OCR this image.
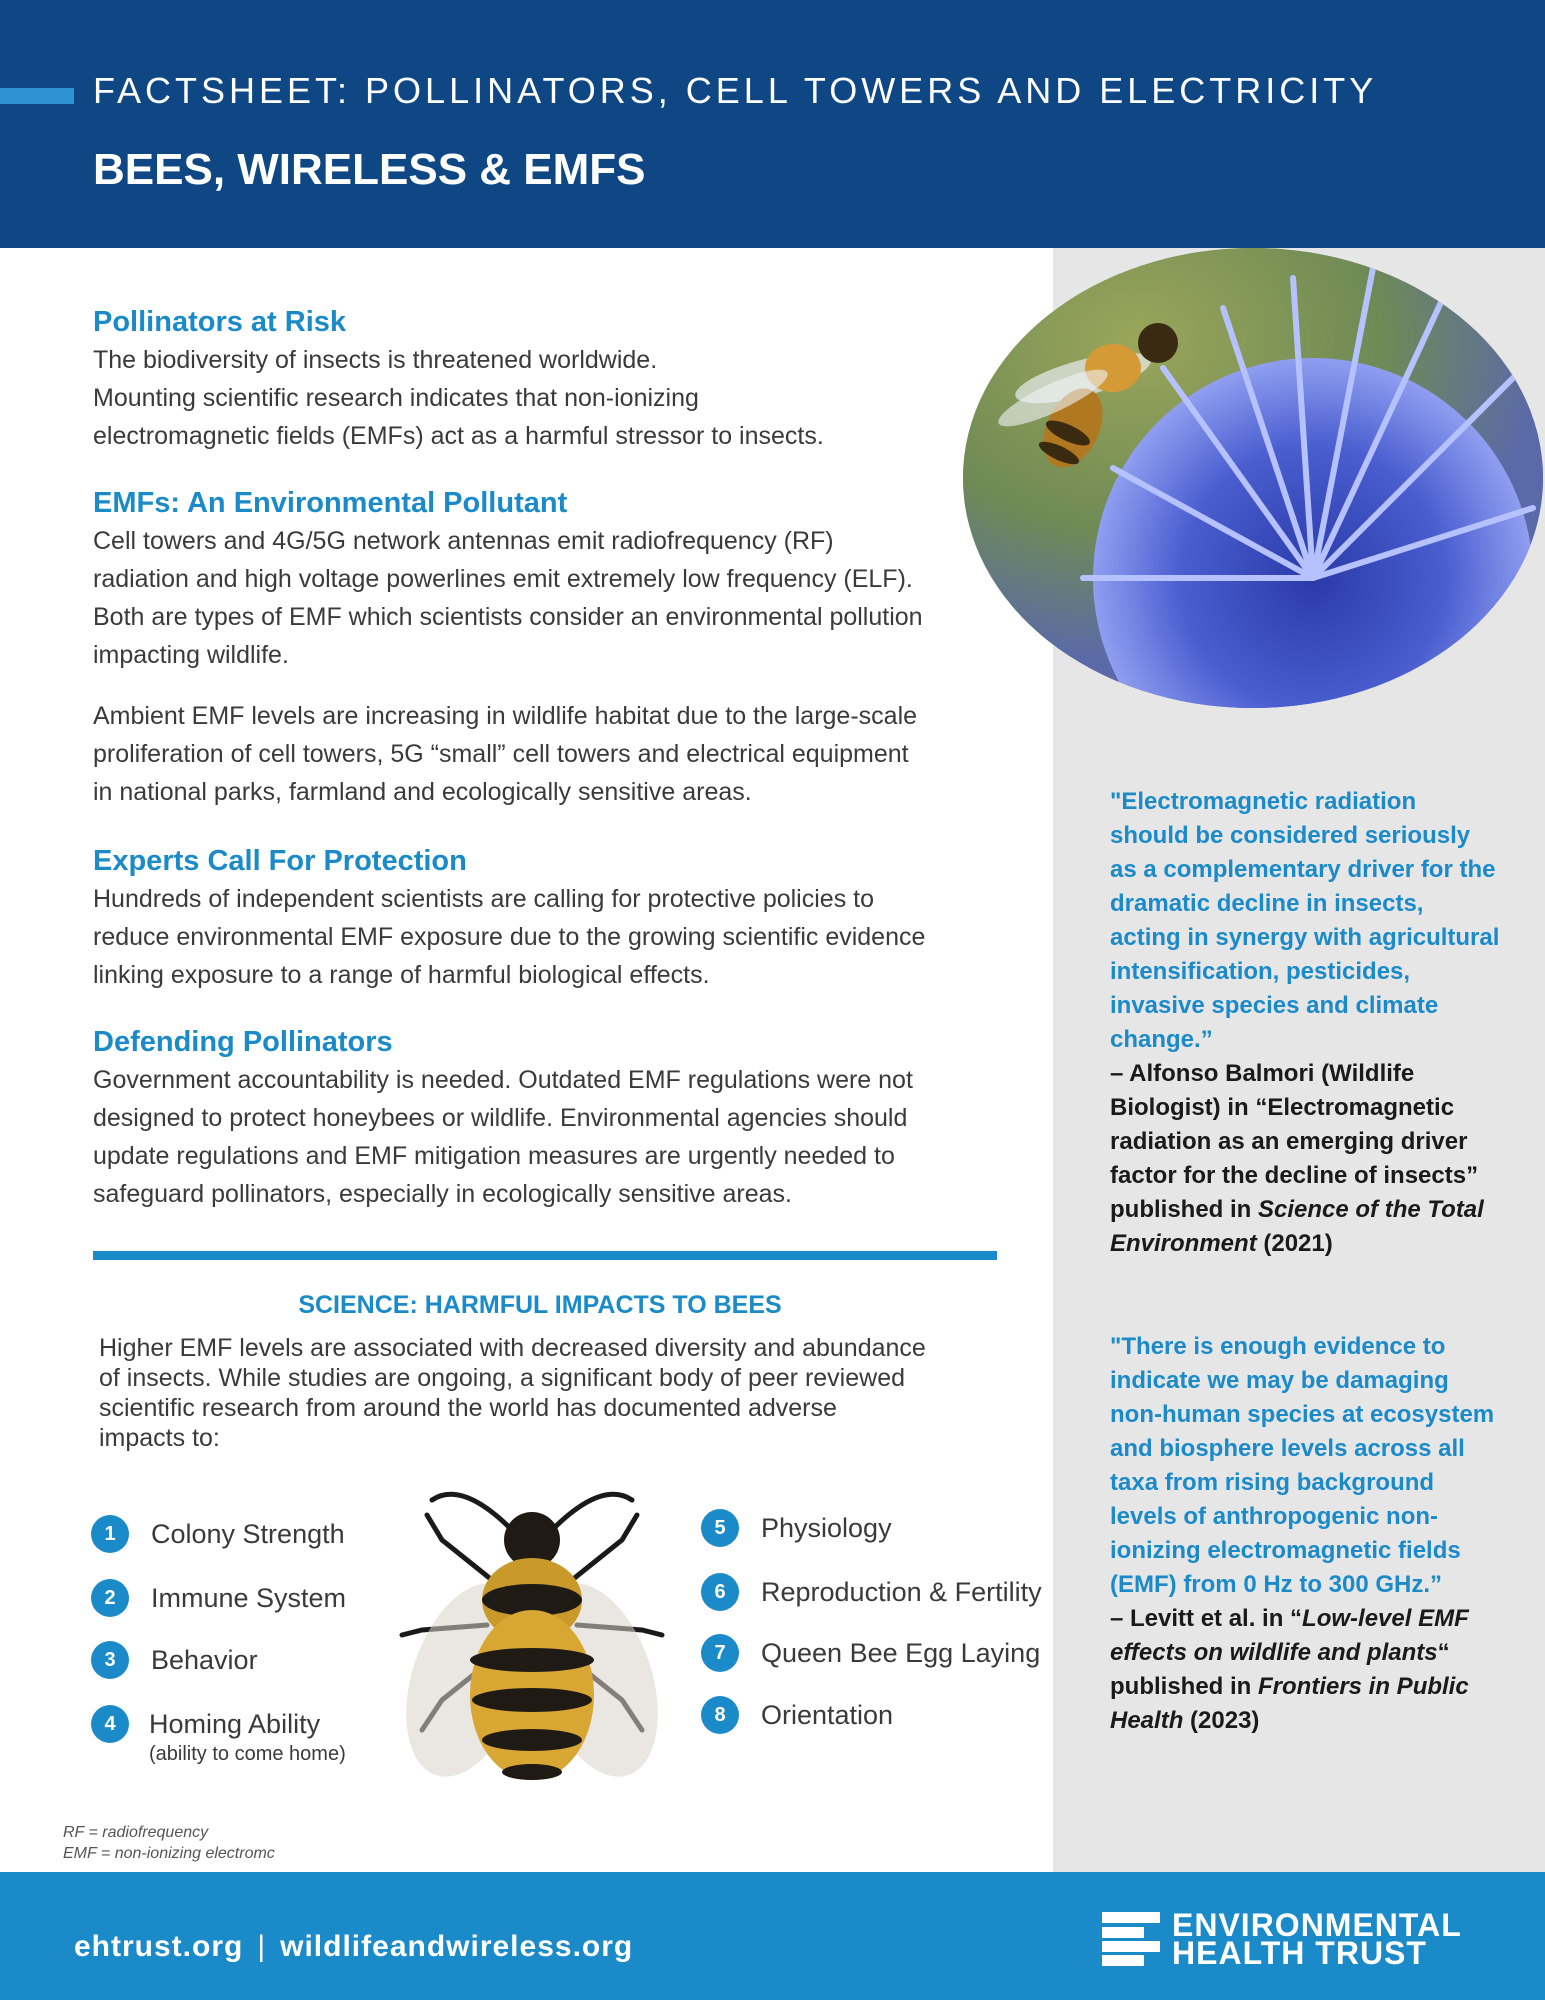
FACTSHEET: POLLINATORS, CELL TOWERS AND ELECTRICITY
BEES, WIRELESS & EMFS
Pollinators at Risk

The biodiversity of insects is threatened worldwide.

Mounting scientific research indicates that non-ionizing

electromagnetic fields (EMFs) act as a harmful stressor to insects.

EMFs: An Environmental Pollutant

Cell towers and 4G/5G network antennas emit radiofrequency (RF)

radiation and high voltage powerlines emit extremely low frequency (ELF).

Both are types of EMF which scientists consider an environmental pollution

impacting wildlife.

Ambient EMF levels are increasing in wildlife habitat due to the large-scale

proliferation of cell towers, 5G “small” cell towers and electrical equipment

in national parks, farmland and ecologically sensitive areas.

Experts Call For Protection

Hundreds of independent scientists are calling for protective policies to

reduce environmental EMF exposure due to the growing scientific evidence

linking exposure to a range of harmful biological effects.

Defending Pollinators

Government accountability is needed. Outdated EMF regulations were not

designed to protect honeybees or wildlife. Environmental agencies should

update regulations and EMF mitigation measures are urgently needed to

safeguard pollinators, especially in ecologically sensitive areas.

SCIENCE: HARMFUL IMPACTS TO BEES
Higher EMF levels are associated with decreased diversity and abundance
of insects. While studies are ongoing, a significant body of peer reviewed
scientific research from around the world has documented adverse
impacts to:
1	Colony Strength
2	Immune System
3	Behavior
4	Homing Ability
(ability to come home)
5	Physiology
6	Reproduction & Fertility
7	Queen Bee Egg Laying
8	Orientation
"Electromagnetic radiation should be considered seriously as a complementary driver for the dramatic decline in insects, acting in synergy with agricultural intensification, pesticides, invasive species and climate change.”
– Alfonso Balmori (Wildlife Biologist) in “Electromagnetic radiation as an emerging driver factor for the decline of insects” published in Science of the Total Environment (2021)
"There is enough evidence to indicate we may be damaging non-human species at ecosystem and biosphere levels across all taxa from rising background levels of anthropogenic non-ionizing electromagnetic fields (EMF) from 0 Hz to 300 GHz.”
– Levitt et al. in “Low-level EMF effects on wildlife and plants“ published in Frontiers in Public Health (2023)
RF = radiofrequency
EMF = non-ionizing electromc
ehtrust.org | wildlifeandwireless.org
ENVIRONMENTAL
HEALTH TRUST
